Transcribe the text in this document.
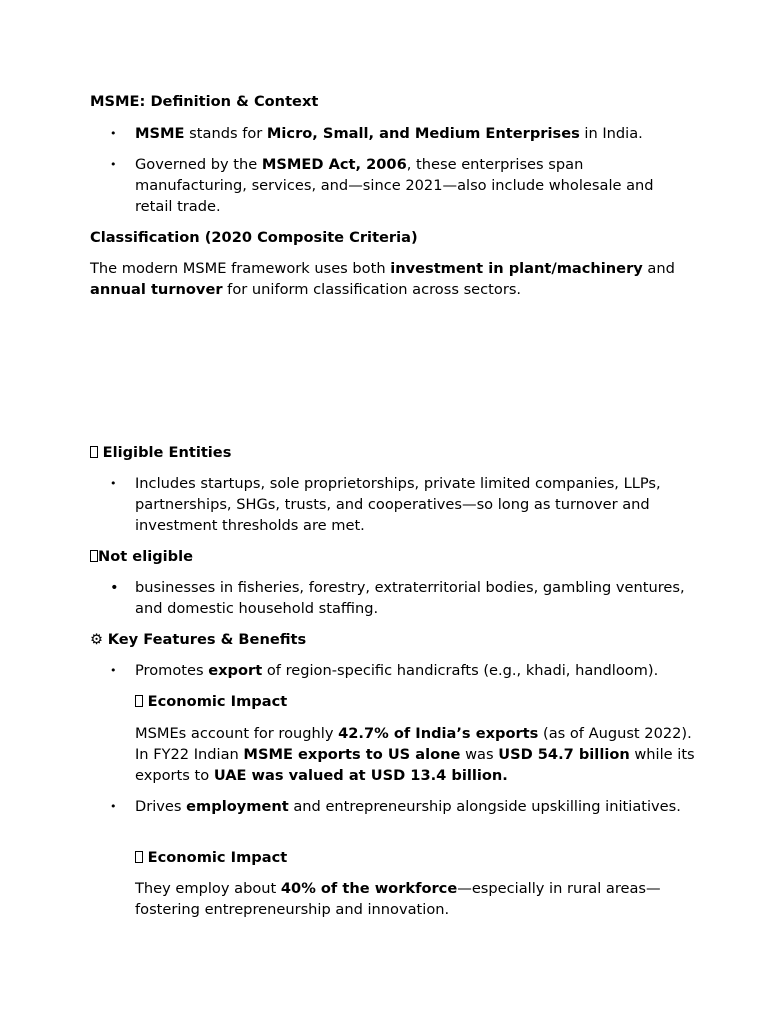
MSME: Definition & Context

•	MSME stands for Micro, Small, and Medium Enterprises in India.

•	Governed by the MSMED Act, 2006, these enterprises span manufacturing, services, and—since 2021—also include wholesale and retail trade.

Classification (2020 Composite Criteria)

The modern MSME framework uses both investment in plant/machinery and annual turnover for uniform classification across sectors.

Eligible Entities

•	Includes startups, sole proprietorships, private limited companies, LLPs, partnerships, SHGs, trusts, and cooperatives—so long as turnover and investment thresholds are met.

Not eligible

• businesses in fisheries, forestry, extraterritorial bodies, gambling ventures, and domestic household staffing.

⚙ Key Features & Benefits

•	Promotes export of region-specific handicrafts (e.g., khadi, handloom).

Economic Impact

MSMEs account for roughly 42.7% of India’s exports (as of August 2022). In FY22 Indian MSME exports to US alone was USD 54.7 billion while its exports to UAE was valued at USD 13.4 billion.

•	Drives employment and entrepreneurship alongside upskilling initiatives.

Economic Impact

They employ about 40% of the workforce—especially in rural areas—fostering entrepreneurship and innovation.
